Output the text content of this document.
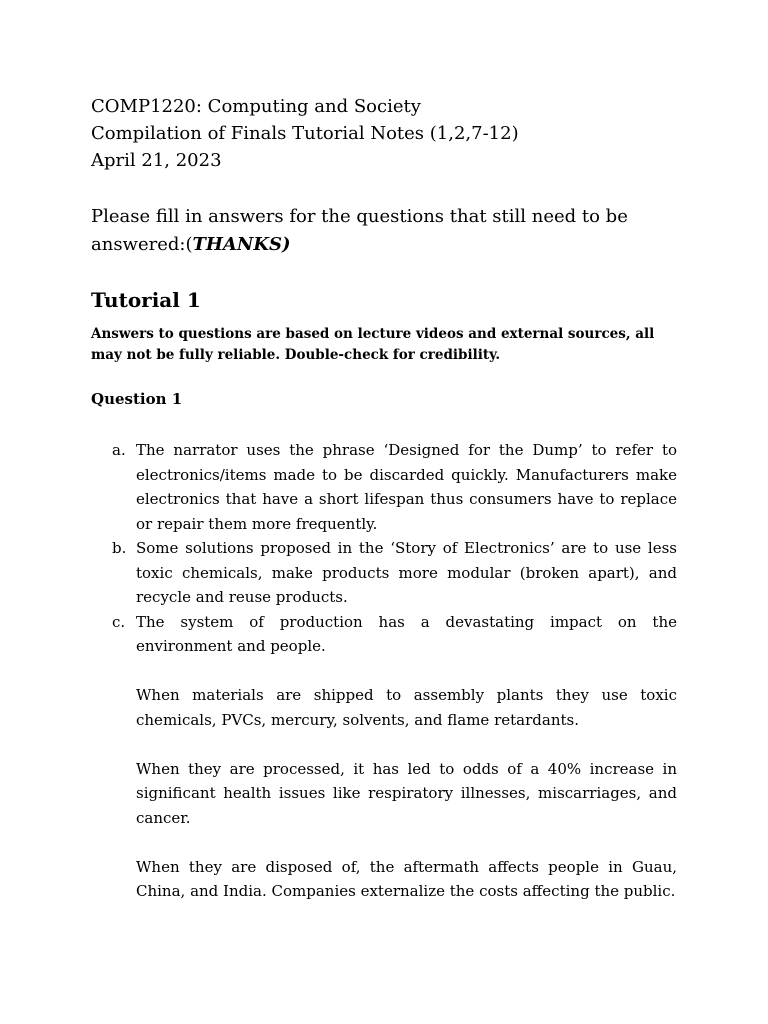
COMP1220: Computing and Society
Compilation of Finals Tutorial Notes (1,2,7-12)
April 21, 2023
Please fill in answers for the questions that still need to be answered:(THANKS)
Tutorial 1
Answers to questions are based on lecture videos and external sources, all may not be fully reliable. Double-check for credibility.
Question 1
a. The narrator uses the phrase ‘Designed for the Dump’ to refer to electronics/items made to be discarded quickly. Manufacturers make electronics that have a short lifespan thus consumers have to replace or repair them more frequently.

b. Some solutions proposed in the ‘Story of Electronics’ are to use less toxic chemicals, make products more modular (broken apart), and recycle and reuse products.

c. The system of production has a devastating impact on the environment and people.

When materials are shipped to assembly plants they use toxic chemicals, PVCs, mercury, solvents, and flame retardants.

When they are processed, it has led to odds of a 40% increase in significant health issues like respiratory illnesses, miscarriages, and cancer.

When they are disposed of, the aftermath affects people in Guau, China, and India. Companies externalize the costs affecting the public.
